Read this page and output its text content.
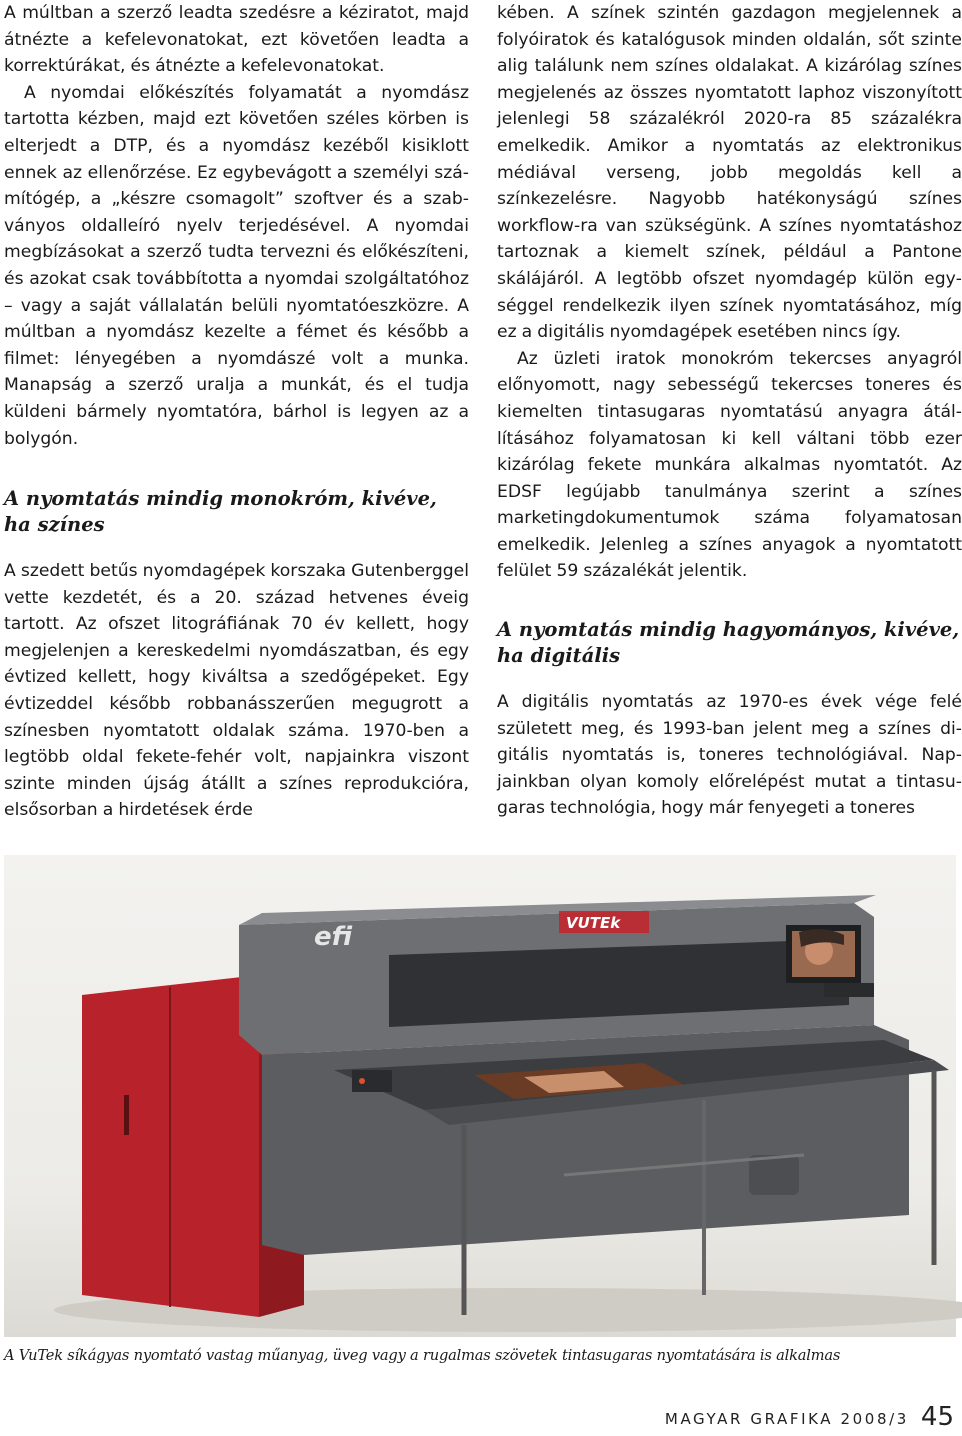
A múltban a szerző leadta szedésre a kéziratot, majd átnézte a kefelevonatokat, ezt követően leadta a korrektúrákat, és átnézte a kefelevonatokat.

A nyomdai előkészítés folyamatát a nyomdász tartotta kézben, majd ezt követően széles körben is elterjedt a DTP, és a nyomdász kezéből kisiklott ennek az ellenőrzése. Ez egybevágott a személyi számítógép, a „készre csomagolt” szoftver és a szabványos oldalleíró nyelv terjedésével. A nyomdai megbízásokat a szerző tudta tervezni és előkészíteni, és azokat csak továbbította a nyomdai szolgáltatóhoz – vagy a saját vállalatán belüli nyomtatóeszközre. A múltban a nyomdász kezelte a fémet és később a filmet: lényegében a nyomdászé volt a munka. Manapság a szerző uralja a munkát, és el tudja küldeni bármely nyomtatóra, bárhol is legyen az a bolygón.

A nyomtatás mindig monokróm, kivéve, ha színes

A szedett betűs nyomdagépek korszaka Gutenberggel vette kezdetét, és a 20. század hetvenes éveig tartott. Az ofszet litográfiának 70 év kellett, hogy megjelenjen a kereskedelmi nyomdászatban, és egy évtized kellett, hogy kiváltsa a szedőgépeket. Egy évtizeddel később robbanásszerűen megugrott a színesben nyomtatott oldalak száma. 1970-ben a legtöbb oldal fekete-fehér volt, napjainkra viszont szinte minden újság átállt a színes reprodukcióra, elsősorban a hirdetések érde

kében. A színek szintén gazdagon megjelennek a folyóiratok és katalógusok minden oldalán, sőt szinte alig találunk nem színes oldalakat. A kizárólag színes megjelenés az összes nyomtatott laphoz viszonyított jelenlegi 58 százalékról 2020-ra 85 százalékra emelkedik. Amikor a nyomtatás az elektronikus médiával verseng, jobb megoldás kell a színkezelésre. Nagyobb hatékonyságú színes workflow-ra van szükségünk. A színes nyomtatáshoz tartoznak a kiemelt színek, például a Pantone skálájáról. A legtöbb ofszet nyomdagép külön egységgel rendelkezik ilyen színek nyomtatásához, míg ez a digitális nyomdagépek esetében nincs így.

Az üzleti iratok monokróm tekercses anyagról előnyomott, nagy sebességű tekercses toneres és kiemelten tintasugaras nyomtatású anyagra átállításához folyamatosan ki kell váltani több ezer kizárólag fekete munkára alkalmas nyomtatót. Az EDSF legújabb tanulmánya szerint a színes marketingdokumentumok száma folyamatosan emelkedik. Jelenleg a színes anyagok a nyomtatott felület 59 százalékát jelentik.

A nyomtatás mindig hagyományos, kivéve, ha digitális

A digitális nyomtatás az 1970-es évek vége felé született meg, és 1993-ban jelent meg a színes digitális nyomtatás is, toneres technológiával. Napjainkban olyan komoly előrelépést mutat a tintasugaras technológia, hogy már fenyegeti a toneres

efi	VUTEk
A VuTek síkágyas nyomtató vastag műanyag, üveg vagy a rugalmas szövetek tintasugaras nyomtatására is alkalmas
MAGYAR GRAFIKA 2008/3 45
